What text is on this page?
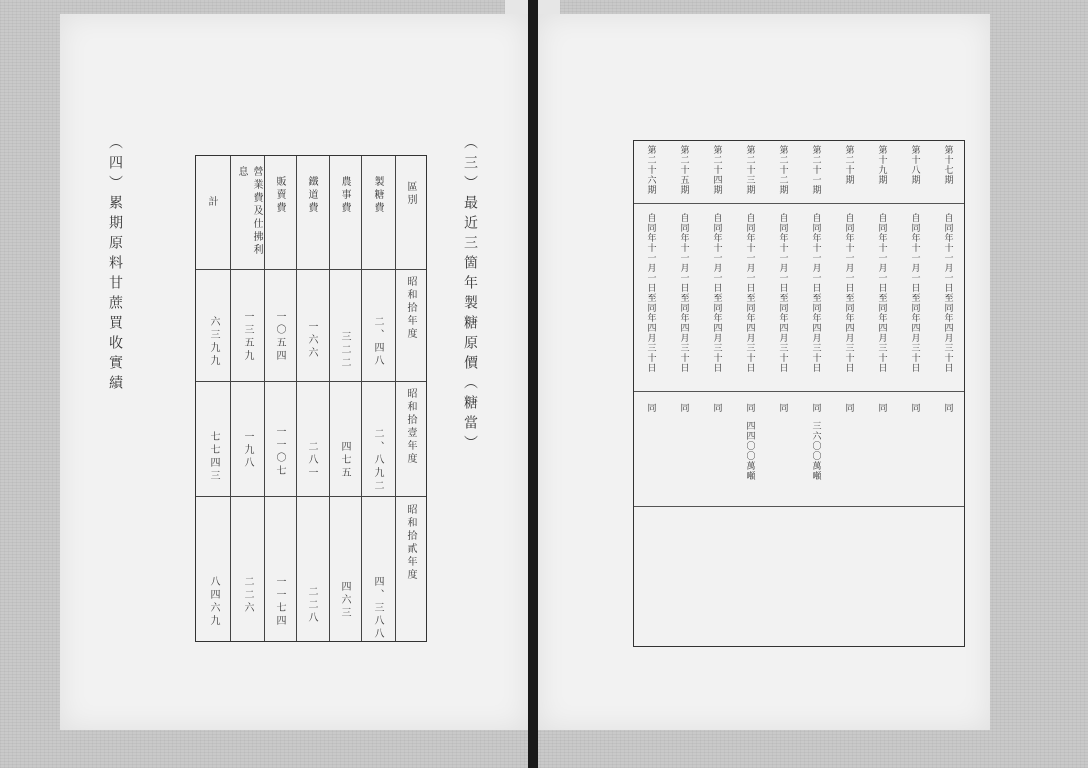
（三）最近三箇年製糖原價（糖當）
（四）累期原料甘蔗買收實績	區別
昭和拾年度
昭和拾壹年度
昭和拾貳年度
製糖費
農事費
鐵道費
販賣費
營業費及仕拂利息
計
二、四八
三二二
一六六
一〇五四
一三五九
六三九九
二、八九二
四七五
二八一
一一〇七
一九八
七七四三
四、三八八
四六三
二二八
一一七四
二二六
八四六九
第十七期
自同年十一月一日至同年四月三十日
同
第十八期
自同年十一月一日至同年四月三十日
同
第十九期
自同年十一月一日至同年四月三十日
同
第二十期
自同年十一月一日至同年四月三十日
同
第二十一期
自同年十一月一日至同年四月三十日
同
第二十二期
自同年十一月一日至同年四月三十日
同
第二十三期
自同年十一月一日至同年四月三十日
同
第二十四期
自同年十一月一日至同年四月三十日
同
第二十五期
自同年十一月一日至同年四月三十日
同
第二十六期
自同年十一月一日至同年四月三十日
同
三六〇〇萬噸
四四〇〇萬噸
